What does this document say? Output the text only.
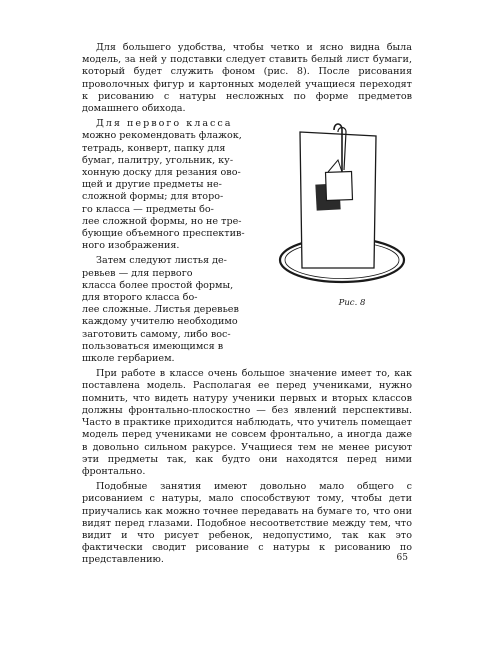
Для большего удобства, чтобы четко и ясно видна была модель, за ней у подставки следует ставить белый лист бумаги, который будет служить фоном (рис. 8). После рисования проволочных фигур и картонных моделей учащиеся переходят к рисованию с натуры несложных по форме предметов домашнего обихода.

Для первого класса
можно рекомендовать флажок,
тетрадь, конверт, папку для
бумаг, палитру, угольник, ку-
хонную доску для резания ово-
щей и другие предметы не-
сложной формы; для второ-
го класса — предметы бо-
лее сложной формы, но не тре-
бующие объемного преспектив-
ного изображения.

Затем следуют листья де-
ревьев — для первого
класса более простой формы,
для второго класса бо-
лее сложные. Листья деревьев
каждому учителю необходимо
заготовить самому, либо вос-
пользоваться имеющимся в
школе гербарием.

Рис. 8

При работе в классе очень большое значение имеет то, как поставлена модель. Располагая ее перед учениками, нужно помнить, что видеть натуру ученики первых и вторых классов должны фронтально-плоскостно — без явлений перспективы. Часто в практике приходится наблюдать, что учитель помещает модель перед учениками не совсем фронтально, а иногда даже в довольно сильном ракурсе. Учащиеся тем не менее рисуют эти предметы так, как будто они находятся перед ними фронтально.

Подобные занятия имеют довольно мало общего с рисованием с натуры, мало способствуют тому, чтобы дети приучались как можно точнее передавать на бумаге то, что они видят перед глазами. Подобное несоответствие между тем, что видит и что рисует ребенок, недопустимо, так как это фактически сводит рисование с натуры к рисованию по представлению.	65
